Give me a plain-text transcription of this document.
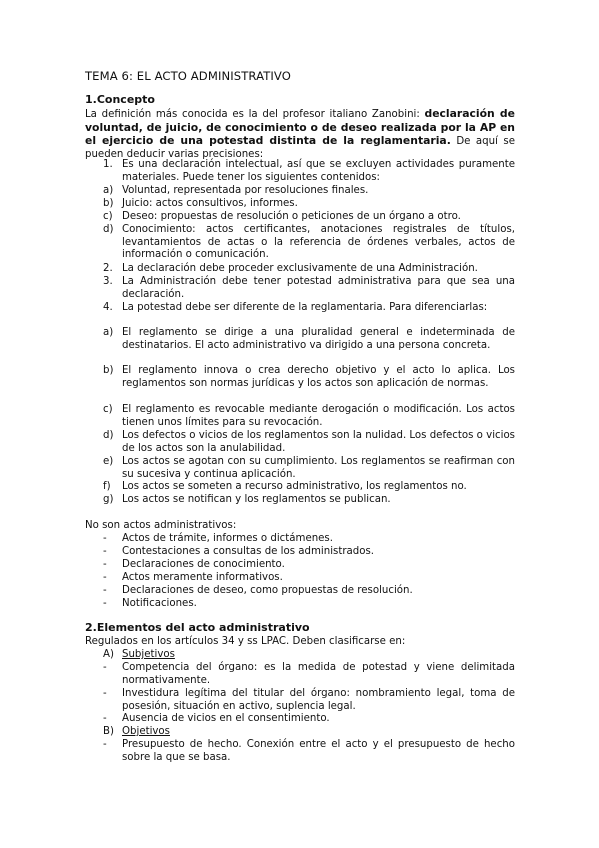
TEMA 6: EL ACTO ADMINISTRATIVO
1.Concepto
La definición más conocida es la del profesor italiano Zanobini: declaración de voluntad, de juicio, de conocimiento o de deseo realizada por la AP en el ejercicio de una potestad distinta de la reglamentaria. De aquí se pueden deducir varias precisiones:
1. Es una declaración intelectual, así que se excluyen actividades puramente materiales. Puede tener los siguientes contenidos:
a) Voluntad, representada por resoluciones finales.
b) Juicio: actos consultivos, informes.
c) Deseo: propuestas de resolución o peticiones de un órgano a otro.
d) Conocimiento: actos certificantes, anotaciones registrales de títulos, levantamientos de actas o la referencia de órdenes verbales, actos de información o comunicación.
2. La declaración debe proceder exclusivamente de una Administración.
3. La Administración debe tener potestad administrativa para que sea una declaración.
4. La potestad debe ser diferente de la reglamentaria. Para diferenciarlas:
a) El reglamento se dirige a una pluralidad general e indeterminada de destinatarios. El acto administrativo va dirigido a una persona concreta.
b) El reglamento innova o crea derecho objetivo y el acto lo aplica. Los reglamentos son normas jurídicas y los actos son aplicación de normas.
c) El reglamento es revocable mediante derogación o modificación. Los actos tienen unos límites para su revocación.
d) Los defectos o vicios de los reglamentos son la nulidad. Los defectos o vicios de los actos son la anulabilidad.
e) Los actos se agotan con su cumplimiento. Los reglamentos se reafirman con su sucesiva y continua aplicación.
f)	Los actos se someten a recurso administrativo, los reglamentos no.
g) Los actos se notifican y los reglamentos se publican.
No son actos administrativos:
- Actos de trámite, informes o dictámenes.
- Contestaciones a consultas de los administrados.
- Declaraciones de conocimiento.
- Actos meramente informativos.
- Declaraciones de deseo, como propuestas de resolución.
- Notificaciones.
2.Elementos del acto administrativo
Regulados en los artículos 34 y ss LPAC. Deben clasificarse en:
A) Subjetivos
- Competencia del órgano: es la medida de potestad y viene delimitada normativamente.
- Investidura legítima del titular del órgano: nombramiento legal, toma de posesión, situación en activo, suplencia legal.
- Ausencia de vicios en el consentimiento.
B) Objetivos
- Presupuesto de hecho. Conexión entre el acto y el presupuesto de hecho sobre la que se basa.
